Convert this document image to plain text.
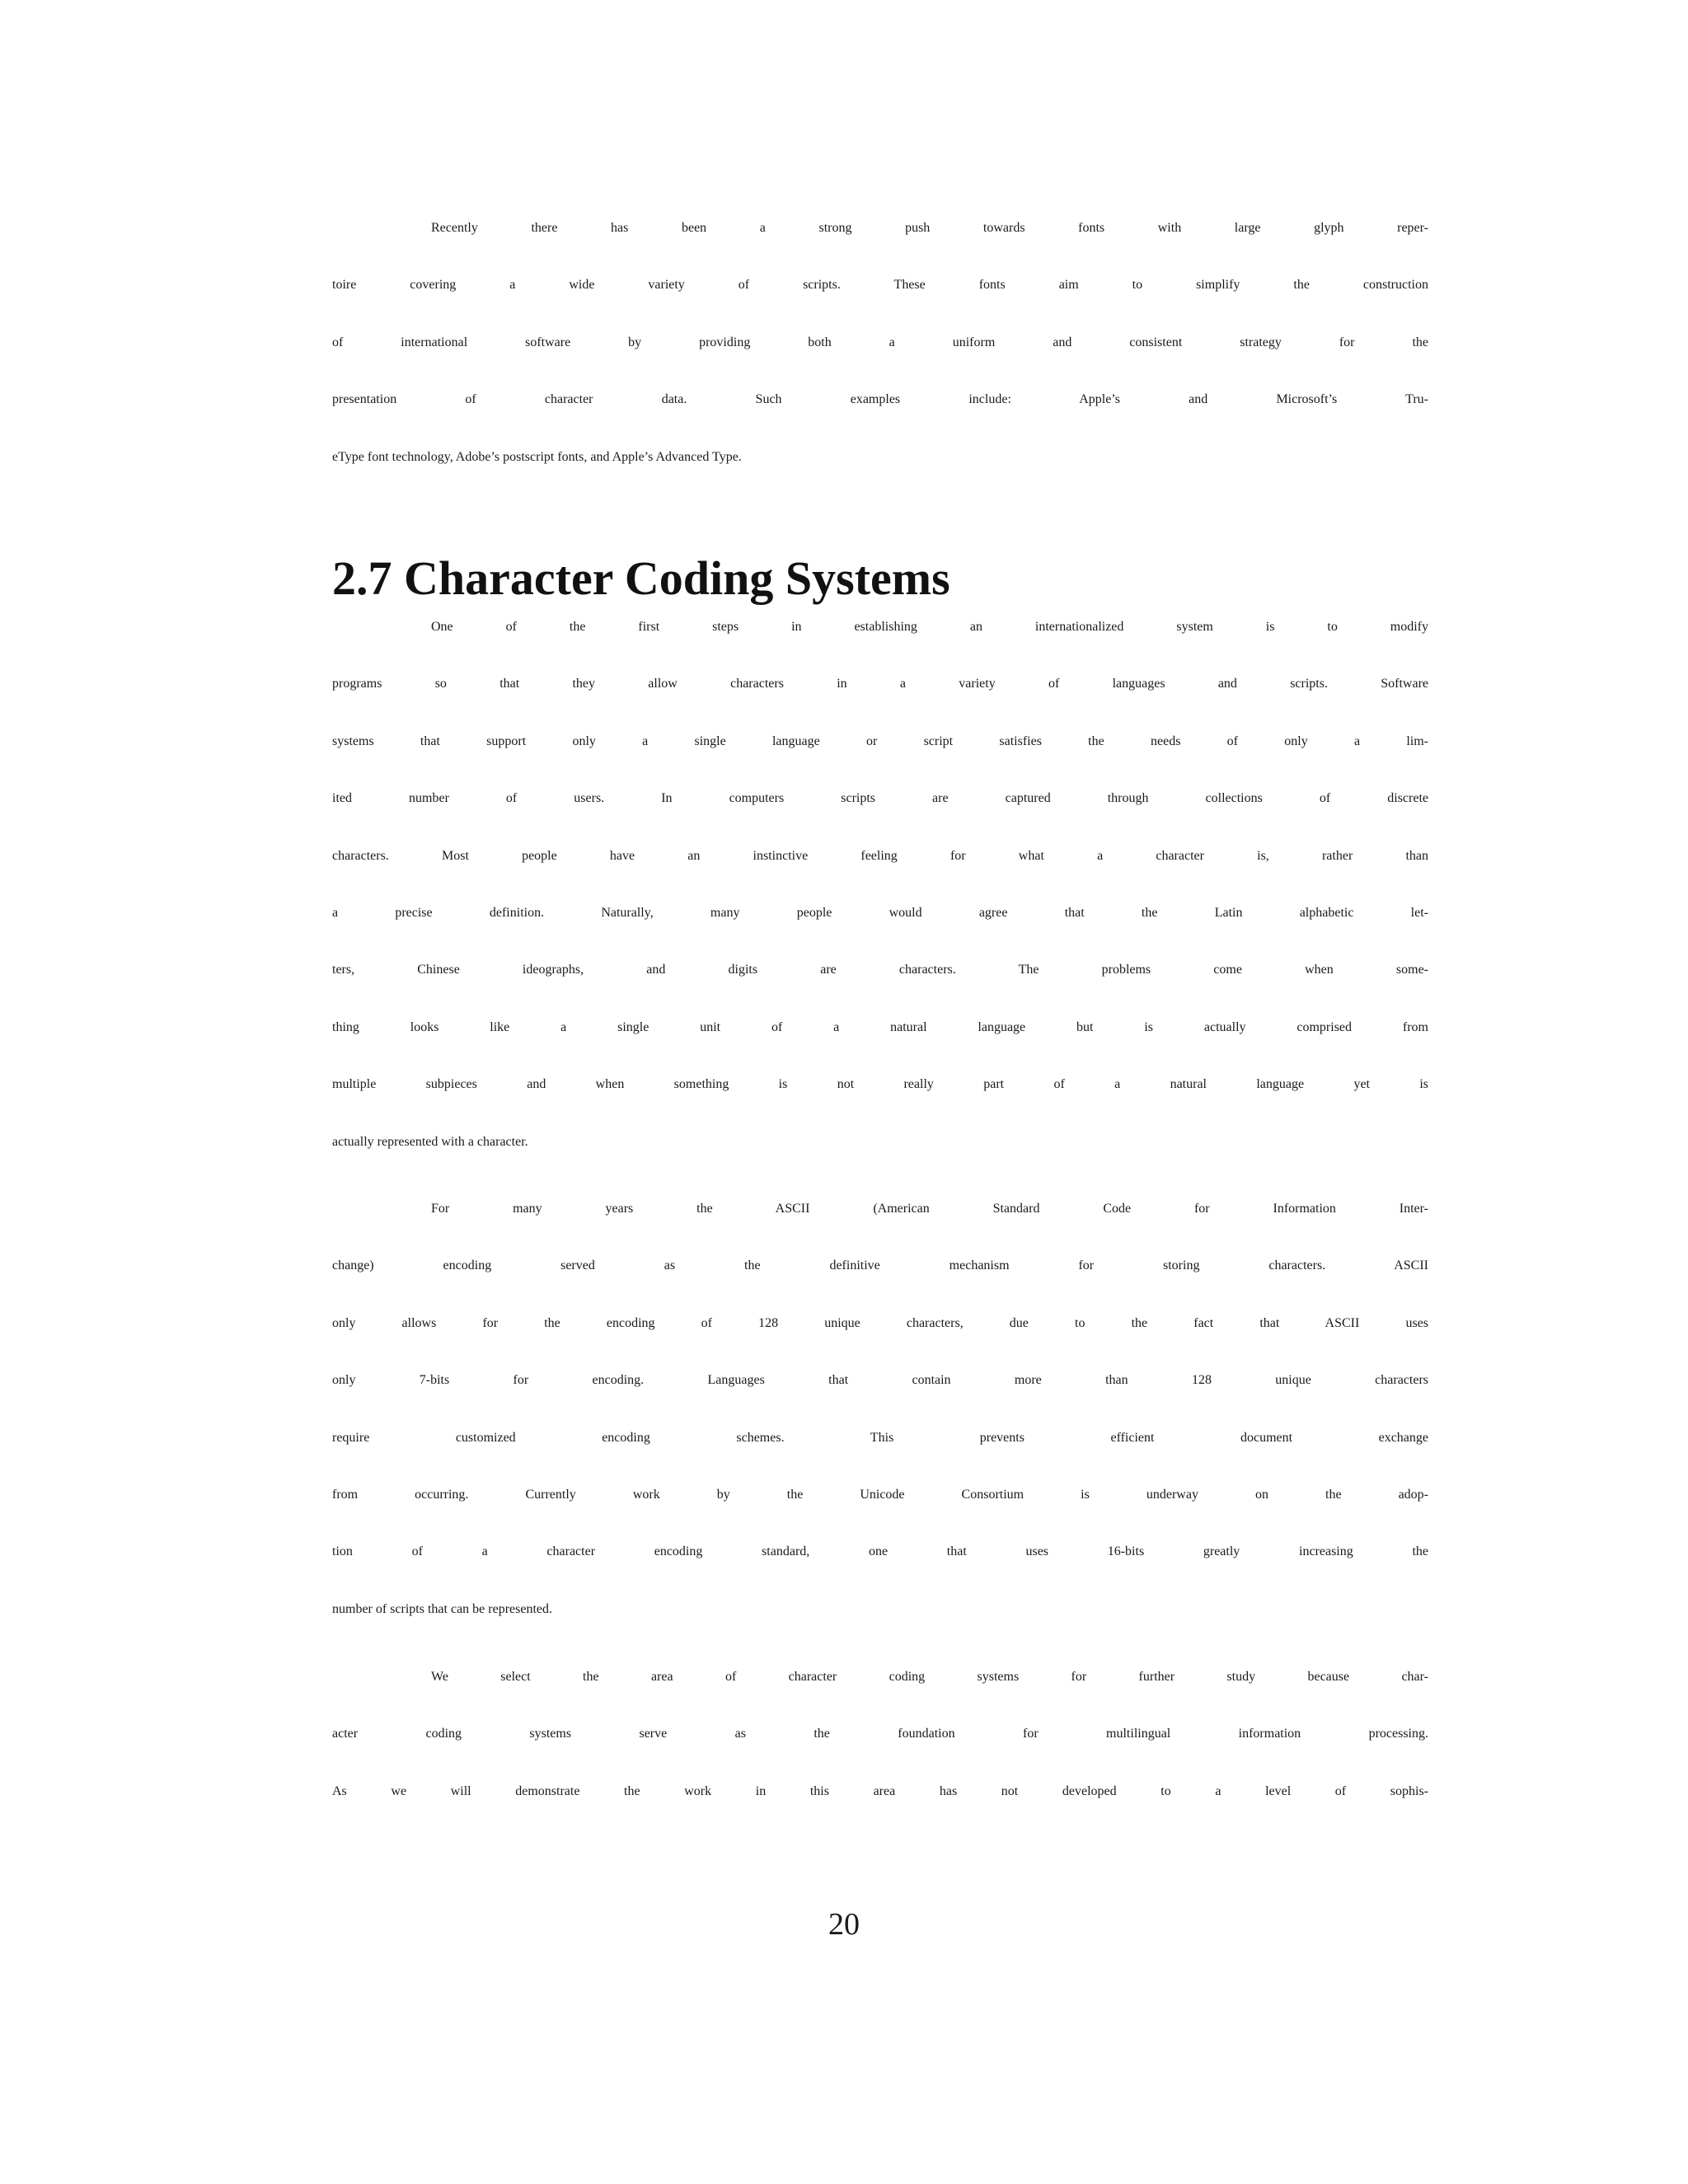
Recently there has been a strong push towards fonts with large glyph reper-
toire covering a wide variety of scripts. These fonts aim to simplify the construction
of international software by providing both a uniform and consistent strategy for the
presentation of character data. Such examples include: Apple’s and Microsoft’s Tru-
eType font technology, Adobe’s postscript fonts, and Apple’s Advanced Type.
2.7 Character Coding Systems
One of the first steps in establishing an internationalized system is to modify
programs so that they allow characters in a variety of languages and scripts. Software
systems that support only a single language or script satisfies the needs of only a lim-
ited number of users. In computers scripts are captured through collections of discrete
characters. Most people have an instinctive feeling for what a character is, rather than
a precise definition. Naturally, many people would agree that the Latin alphabetic let-
ters, Chinese ideographs, and digits are characters. The problems come when some-
thing looks like a single unit of a natural language but is actually comprised from
multiple subpieces and when something is not really part of a natural language yet is
actually represented with a character.
For many years the ASCII (American Standard Code for Information Inter-
change) encoding served as the definitive mechanism for storing characters. ASCII
only allows for the encoding of 128 unique characters, due to the fact that ASCII uses
only 7-bits for encoding. Languages that contain more than 128 unique characters
require customized encoding schemes. This prevents efficient document exchange
from occurring. Currently work by the Unicode Consortium is underway on the adop-
tion of a character encoding standard, one that uses 16-bits greatly increasing the
number of scripts that can be represented.
We select the area of character coding systems for further study because char-
acter coding systems serve as the foundation for multilingual information processing.
As we will demonstrate the work in this area has not developed to a level of sophis-
20
